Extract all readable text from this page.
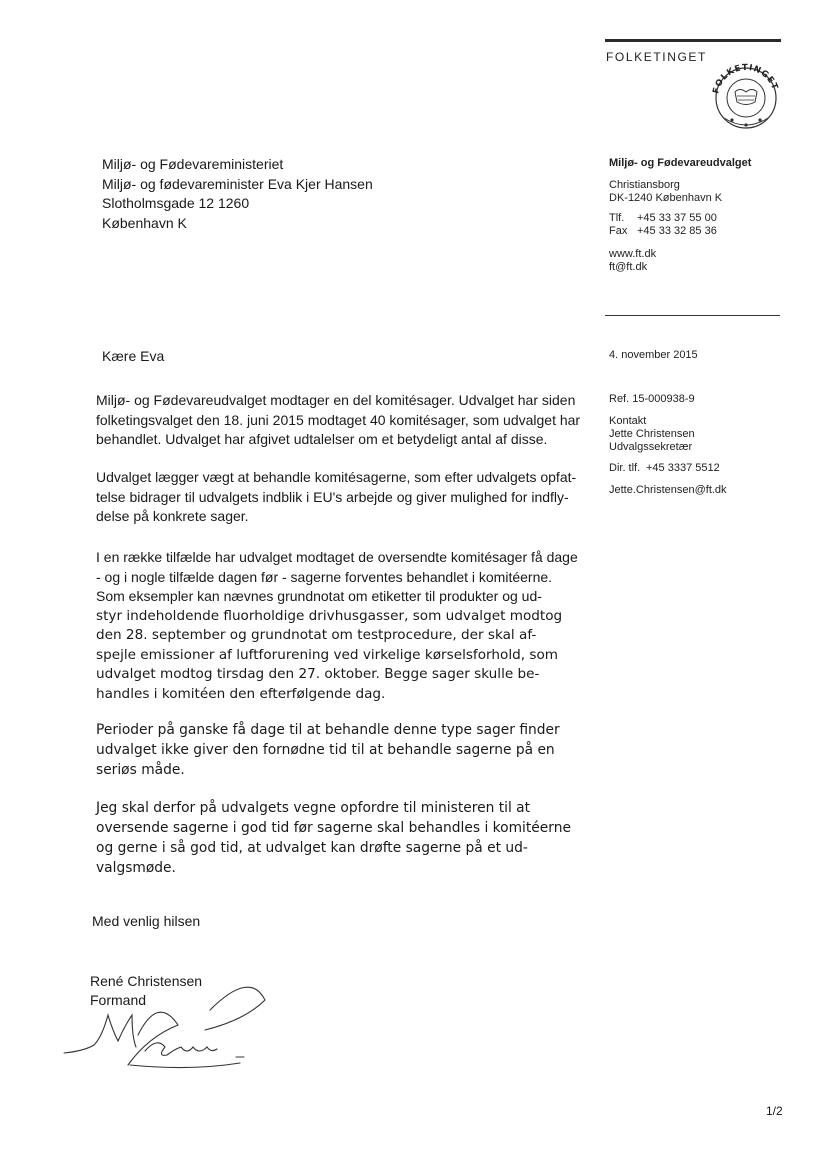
FOLKETINGET
FOLKETINGET
Miljø- og Fødevareministeriet
Miljø- og fødevareminister Eva Kjer Hansen
Slotholmsgade 12 1260
København K
Miljø- og Fødevareudvalget
Christiansborg
DK-1240 København K
Tlf. +45 33 37 55 00
Fax +45 33 32 85 36
www.ft.dk
ft@ft.dk
4. november 2015
Ref. 15-000938-9
Kontakt
Jette Christensen
Udvalgssekretær
Dir. tlf. +45 3337 5512
Jette.Christensen@ft.dk
Kære Eva
Miljø- og Fødevareudvalget modtager en del komitésager. Udvalget har siden
folketingsvalget den 18. juni 2015 modtaget 40 komitésager, som udvalget har
behandlet. Udvalget har afgivet udtalelser om et betydeligt antal af disse.
Udvalget lægger vægt at behandle komitésagerne, som efter udvalgets opfat-
telse bidrager til udvalgets indblik i EU's arbejde og giver mulighed for indfly-
delse på konkrete sager.
I en række tilfælde har udvalget modtaget de oversendte komitésager få dage
- og i nogle tilfælde dagen før - sagerne forventes behandlet i komitéerne.
Som eksempler kan nævnes grundnotat om etiketter til produkter og ud-
styr indeholdende fluorholdige drivhusgasser, som udvalget modtog
den 28. september og grundnotat om testprocedure, der skal af-
spejle emissioner af luftforurening ved virkelige kørselsforhold, som
udvalget modtog tirsdag den 27. oktober. Begge sager skulle be-
handles i komitéen den efterfølgende dag.
Perioder på ganske få dage til at behandle denne type sager finder
udvalget ikke giver den fornødne tid til at behandle sagerne på en
seriøs måde.
Jeg skal derfor på udvalgets vegne opfordre til ministeren til at
oversende sagerne i god tid før sagerne skal behandles i komitéerne
og gerne i så god tid, at udvalget kan drøfte sagerne på et ud-
valgsmøde.
Med venlig hilsen
René Christensen
Formand
1/2
